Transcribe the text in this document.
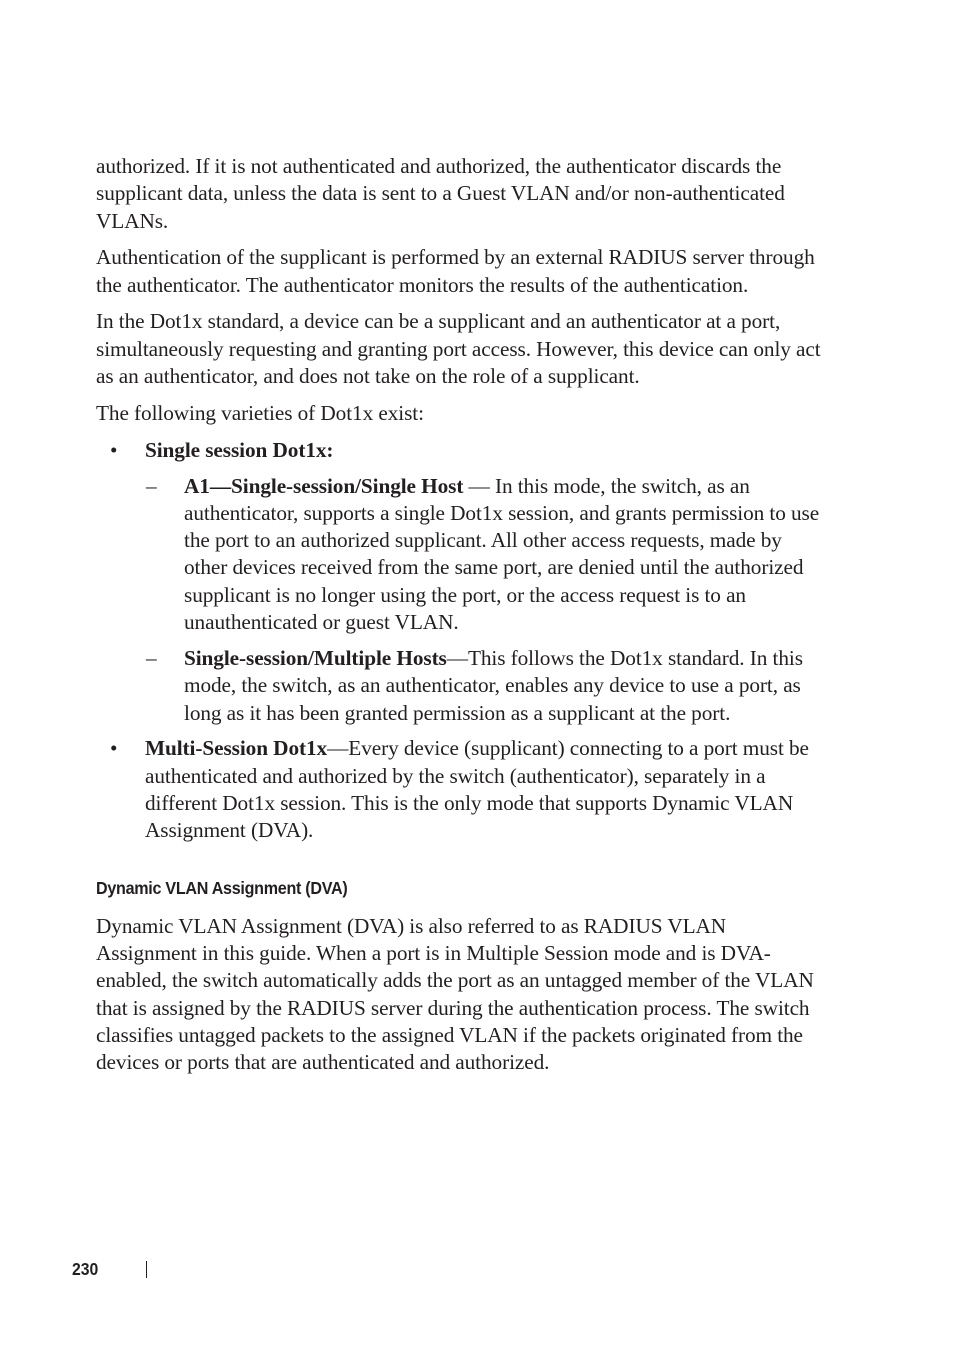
authorized. If it is not authenticated and authorized, the authenticator discards the supplicant data, unless the data is sent to a Guest VLAN and/or non-authenticated VLANs.

Authentication of the supplicant is performed by an external RADIUS server through the authenticator. The authenticator monitors the results of the authentication.

In the Dot1x standard, a device can be a supplicant and an authenticator at a port, simultaneously requesting and granting port access. However, this device can only act as an authenticator, and does not take on the role of a supplicant.

The following varieties of Dot1x exist:

• Single session Dot1x:
– A1—Single-session/Single Host — In this mode, the switch, as an authenticator, supports a single Dot1x session, and grants permission to use the port to an authorized supplicant. All other access requests, made by other devices received from the same port, are denied until the authorized supplicant is no longer using the port, or the access request is to an unauthenticated or guest VLAN.
– Single-session/Multiple Hosts—This follows the Dot1x standard. In this mode, the switch, as an authenticator, enables any device to use a port, as long as it has been granted permission as a supplicant at the port.
• Multi-Session Dot1x—Every device (supplicant) connecting to a port must be authenticated and authorized by the switch (authenticator), separately in a different Dot1x session. This is the only mode that supports Dynamic VLAN Assignment (DVA).
Dynamic VLAN Assignment (DVA)

Dynamic VLAN Assignment (DVA) is also referred to as RADIUS VLAN Assignment in this guide. When a port is in Multiple Session mode and is DVA-enabled, the switch automatically adds the port as an untagged member of the VLAN that is assigned by the RADIUS server during the authentication process. The switch classifies untagged packets to the assigned VLAN if the packets originated from the devices or ports that are authenticated and authorized.

230
